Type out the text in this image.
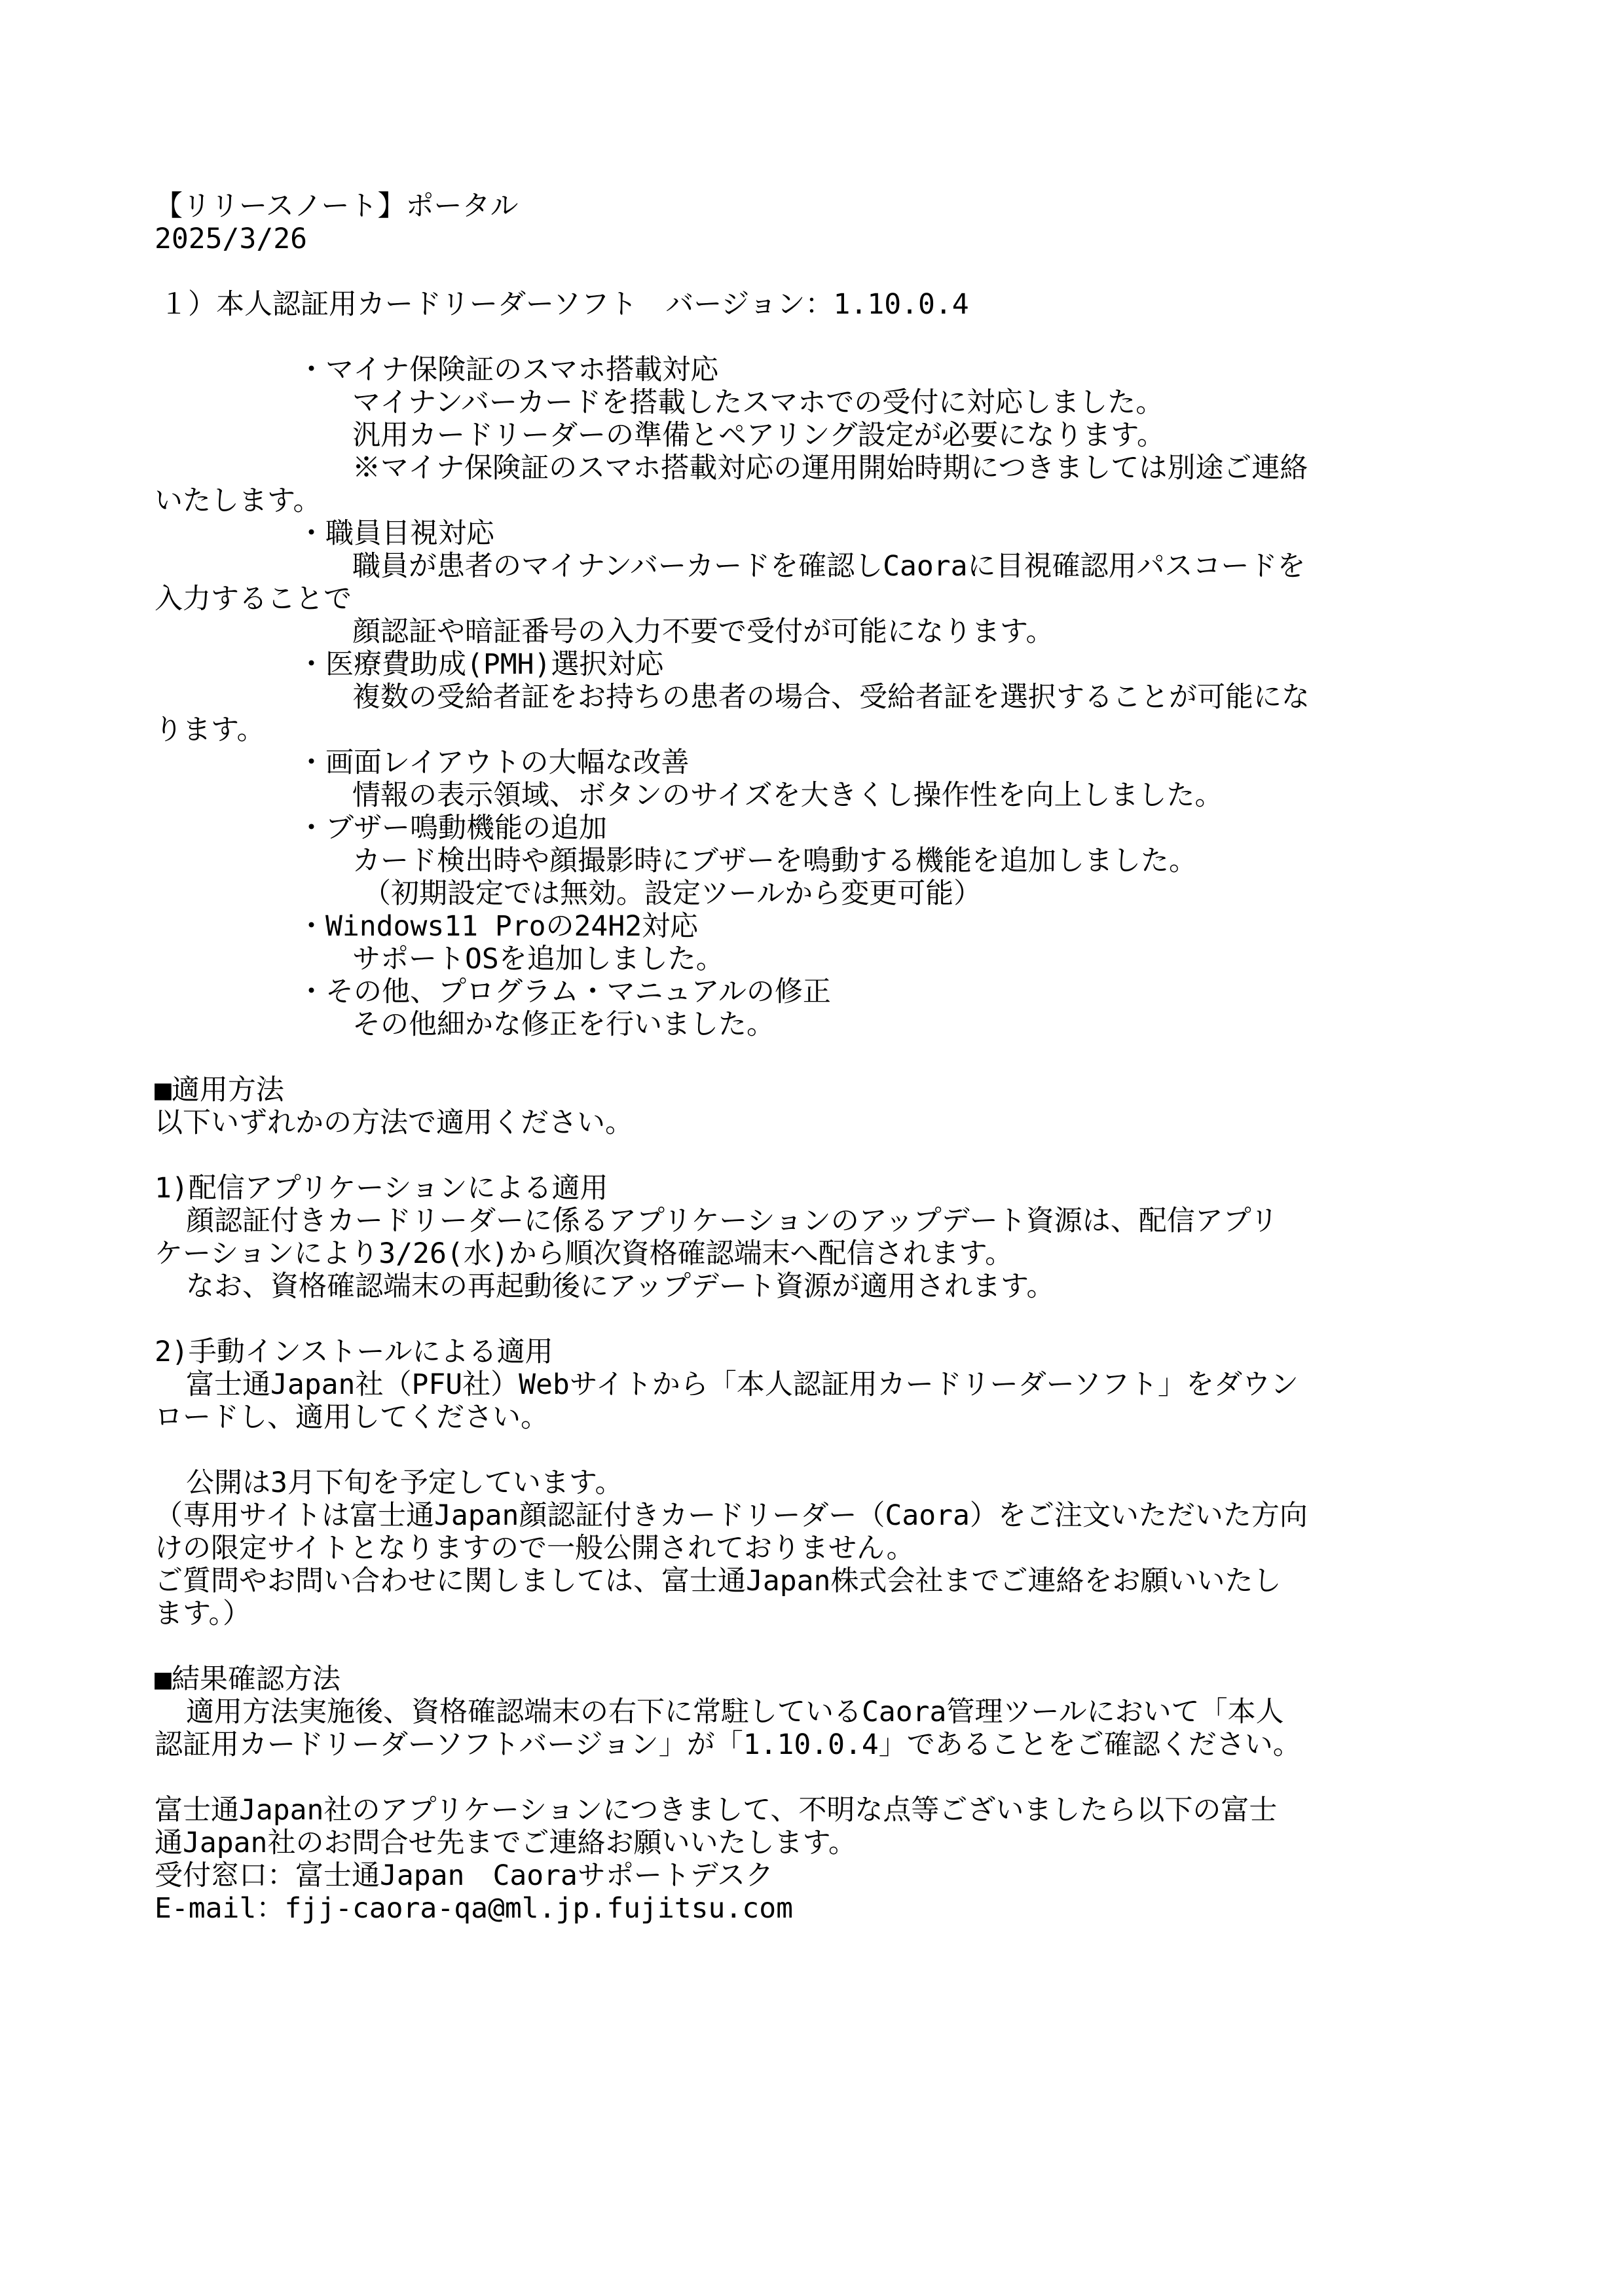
【リリースノート】ポータル
2025/3/26
１）本人認証用カードリーダーソフト　バージョン：1.10.0.4
・マイナ保険証のスマホ搭載対応
マイナンバーカードを搭載したスマホでの受付に対応しました。
汎用カードリーダーの準備とペアリング設定が必要になります。
※マイナ保険証のスマホ搭載対応の運用開始時期につきましては別途ご連絡
いたします。
・職員目視対応
職員が患者のマイナンバーカードを確認しCaoraに目視確認用パスコードを
入力することで
顔認証や暗証番号の入力不要で受付が可能になります。
・医療費助成(PMH)選択対応
複数の受給者証をお持ちの患者の場合、受給者証を選択することが可能にな
ります。
・画面レイアウトの大幅な改善
情報の表示領域、ボタンのサイズを大きくし操作性を向上しました。
・ブザー鳴動機能の追加
カード検出時や顔撮影時にブザーを鳴動する機能を追加しました。
（初期設定では無効。設定ツールから変更可能）
・Windows11 Proの24H2対応
サポートOSを追加しました。
・その他、プログラム・マニュアルの修正
その他細かな修正を行いました。
■適用方法
以下いずれかの方法で適用ください。
1)配信アプリケーションによる適用
顔認証付きカードリーダーに係るアプリケーションのアップデート資源は、配信アプリ
ケーションにより3/26(水)から順次資格確認端末へ配信されます。
なお、資格確認端末の再起動後にアップデート資源が適用されます。
2)手動インストールによる適用
富士通Japan社（PFU社）Webサイトから「本人認証用カードリーダーソフト」をダウン
ロードし、適用してください。
公開は3月下旬を予定しています。
（専用サイトは富士通Japan顔認証付きカードリーダー（Caora）をご注文いただいた方向
けの限定サイトとなりますので一般公開されておりません。
ご質問やお問い合わせに関しましては、富士通Japan株式会社までご連絡をお願いいたし
ます。）
■結果確認方法
適用方法実施後、資格確認端末の右下に常駐しているCaora管理ツールにおいて「本人
認証用カードリーダーソフトバージョン」が「1.10.0.4」であることをご確認ください。
富士通Japan社のアプリケーションにつきまして、不明な点等ございましたら以下の富士
通Japan社のお問合せ先までご連絡お願いいたします。
受付窓口：富士通Japan　Caoraサポートデスク
E-mail：fjj-caora-qa@ml.jp.fujitsu.com
